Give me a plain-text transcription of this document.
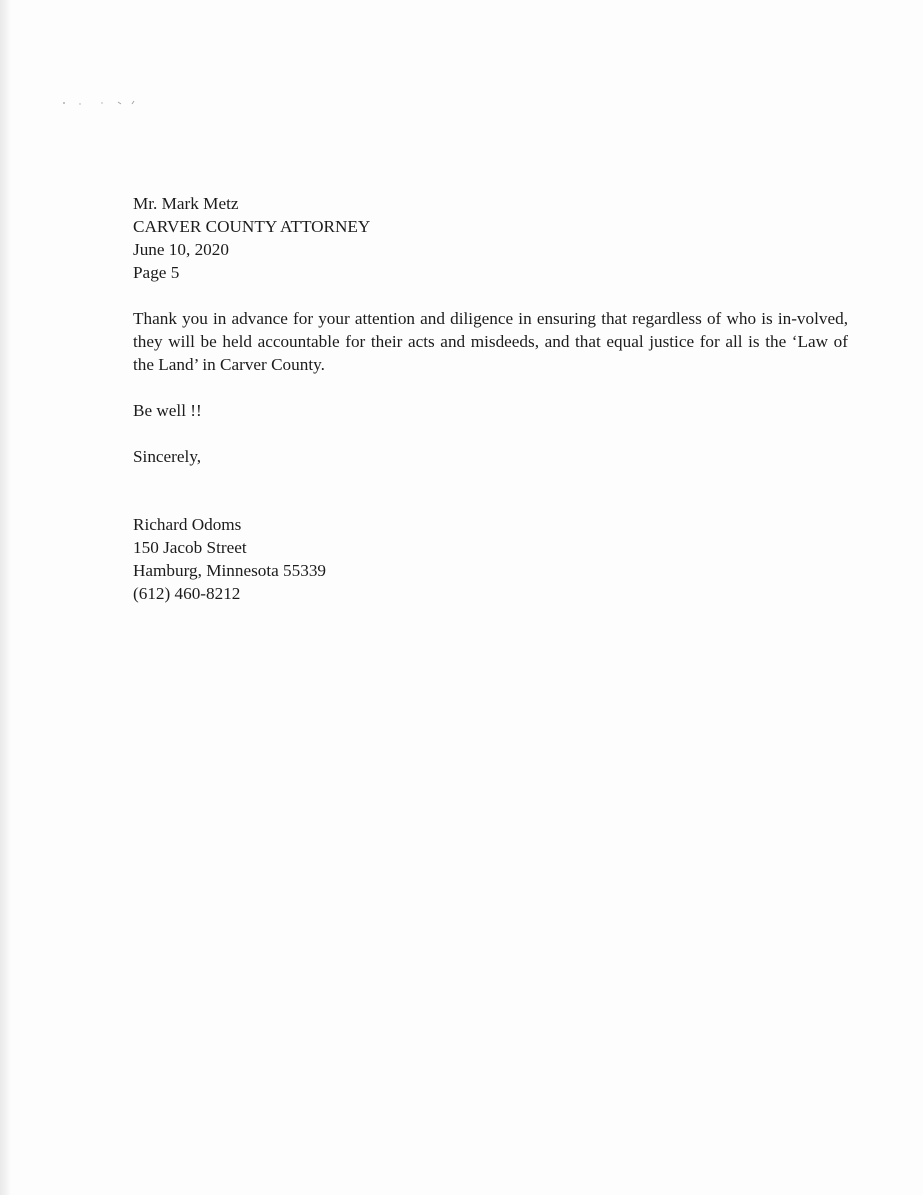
Mr. Mark Metz
CARVER COUNTY ATTORNEY
June 10, 2020
Page 5
Thank you in advance for your attention and diligence in ensuring that regardless of who is in-volved, they will be held accountable for their acts and misdeeds, and that equal justice for all is the ‘Law of the Land’ in Carver County.
Be well !!
Sincerely,
Richard Odoms
150 Jacob Street
Hamburg, Minnesota 55339
(612) 460-8212
